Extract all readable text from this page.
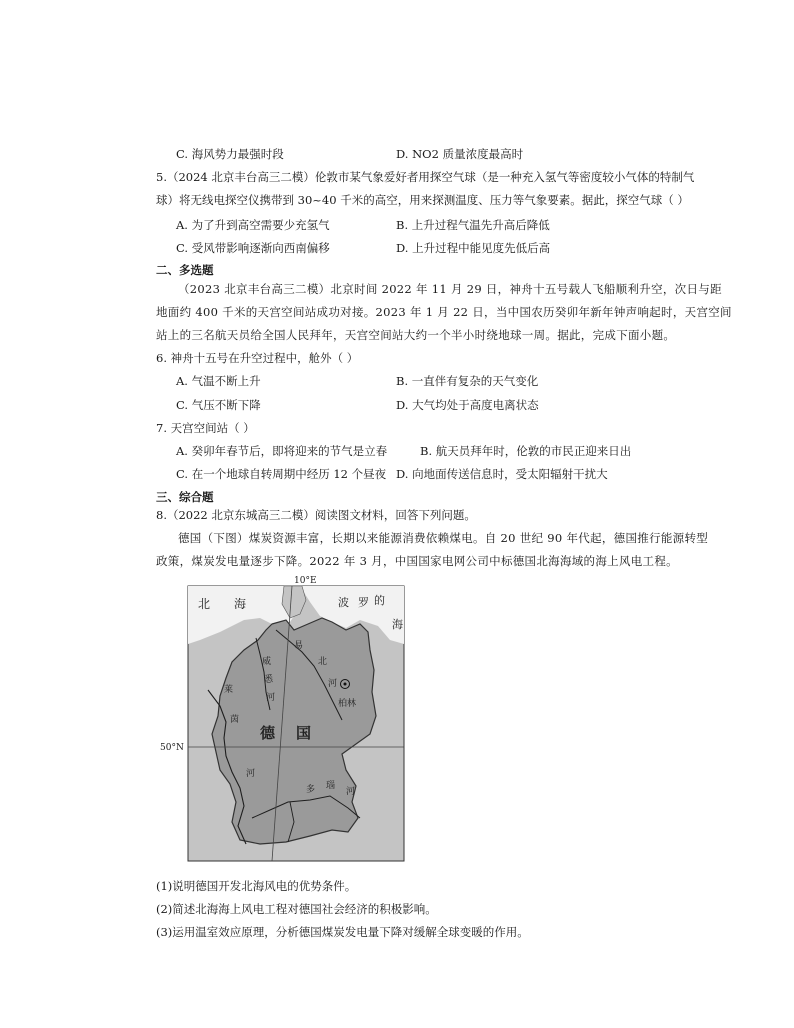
C. 海风势力最强时段	D. NO2 质量浓度最高时
5.（2024 北京丰台高三二模）伦敦市某气象爱好者用探空气球（是一种充入氢气等密度较小气体的特制气
球）将无线电探空仪携带到 30~40 千米的高空，用来探测温度、压力等气象要素。据此，探空气球（ ）
A. 为了升到高空需要少充氢气	B. 上升过程气温先升高后降低
C. 受风带影响逐渐向西南偏移	D. 上升过程中能见度先低后高
二、多选题
（2023 北京丰台高三二模）北京时间 2022 年 11 月 29 日，神舟十五号载人飞船顺利升空，次日与距
地面约 400 千米的天宫空间站成功对接。2023 年 1 月 22 日，当中国农历癸卯年新年钟声响起时，天宫空间
站上的三名航天员给全国人民拜年，天宫空间站大约一个半小时绕地球一周。据此，完成下面小题。
6. 神舟十五号在升空过程中，舱外（ ）
A. 气温不断上升	B. 一直伴有复杂的天气变化
C. 气压不断下降	D. 大气均处于高度电离状态
7. 天宫空间站（ ）
A. 癸卯年春节后，即将迎来的节气是立春	B. 航天员拜年时，伦敦的市民正迎来日出
C. 在一个地球自转周期中经历 12 个昼夜 D. 向地面传送信息时，受太阳辐射干扰大
三、综合题
8.（2022 北京东城高三二模）阅读图文材料，回答下列问题。
德国（下图）煤炭资源丰富，长期以来能源消费依赖煤电。自 20 世纪 90 年代起，德国推行能源转型
政策，煤炭发电量逐步下降。2022 年 3 月，中国国家电网公司中标德国北海海域的海上风电工程。
10°E
50°N
北 海	波 罗 的
海
德 国
柏林
莱
茵
河
威
悉
河
易
北
河
多 瑙
河
(1)说明德国开发北海风电的优势条件。
(2)简述北海海上风电工程对德国社会经济的积极影响。
(3)运用温室效应原理，分析德国煤炭发电量下降对缓解全球变暖的作用。
